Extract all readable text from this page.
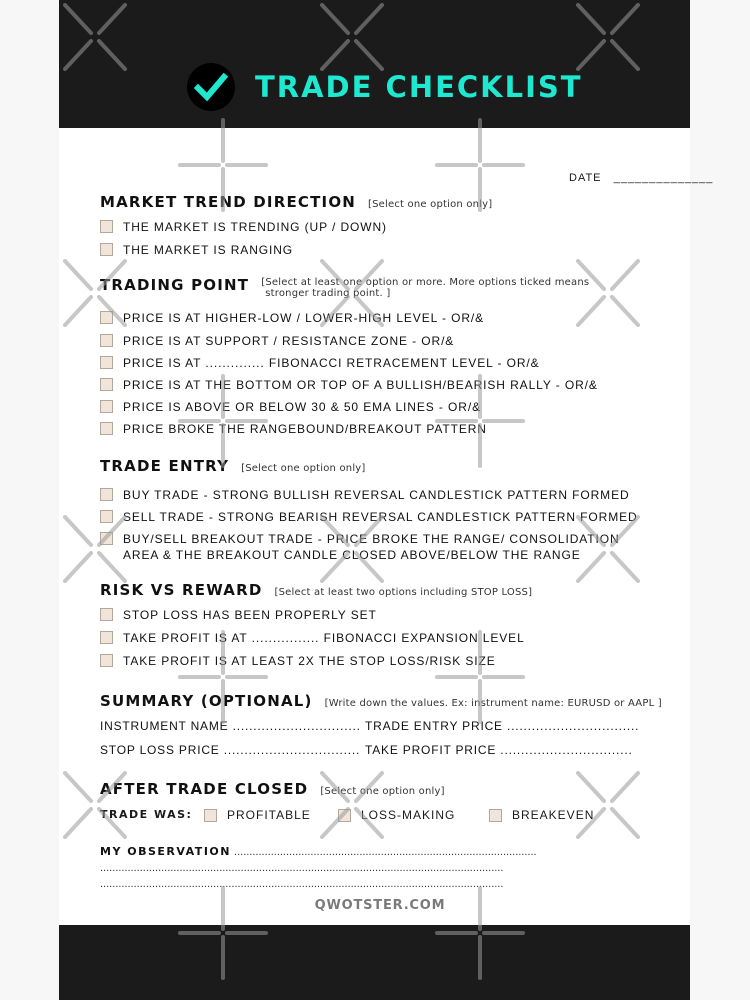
TRADE CHECKLIST
DATE ______________
MARKET TREND DIRECTION [Select one option only]
THE MARKET IS TRENDING (UP / DOWN)
THE MARKET IS RANGING
TRADING POINT [Select at least one option or more. More options ticked means
stronger trading point. ]
PRICE IS AT HIGHER-LOW / LOWER-HIGH LEVEL - OR/&
PRICE IS AT SUPPORT / RESISTANCE ZONE - OR/&
PRICE IS AT .............. FIBONACCI RETRACEMENT LEVEL - OR/&
PRICE IS AT THE BOTTOM OR TOP OF A BULLISH/BEARISH RALLY - OR/&
PRICE IS ABOVE OR BELOW 30 & 50 EMA LINES - OR/&
PRICE BROKE THE RANGEBOUND/BREAKOUT PATTERN
TRADE ENTRY [Select one option only]
BUY TRADE - STRONG BULLISH REVERSAL CANDLESTICK PATTERN FORMED
SELL TRADE - STRONG BEARISH REVERSAL CANDLESTICK PATTERN FORMED
BUY/SELL BREAKOUT TRADE - PRICE BROKE THE RANGE/ CONSOLIDATION
AREA & THE BREAKOUT CANDLE CLOSED ABOVE/BELOW THE RANGE
RISK VS REWARD [Select at least two options including STOP LOSS]
STOP LOSS HAS BEEN PROPERLY SET
TAKE PROFIT IS AT ................ FIBONACCI EXPANSION LEVEL
TAKE PROFIT IS AT LEAST 2X THE STOP LOSS/RISK SIZE
SUMMARY (OPTIONAL) [Write down the values. Ex: instrument name: EURUSD or AAPL ]
INSTRUMENT NAME ............................... TRADE ENTRY PRICE ................................
STOP LOSS PRICE ................................. TAKE PROFIT PRICE ................................
AFTER TRADE CLOSED [Select one option only]
TRADE WAS:	PROFITABLE	LOSS-MAKING	BREAKEVEN
MY OBSERVATION ...................................................................................................
....................................................................................................................................
....................................................................................................................................
QWOTSTER.COM
